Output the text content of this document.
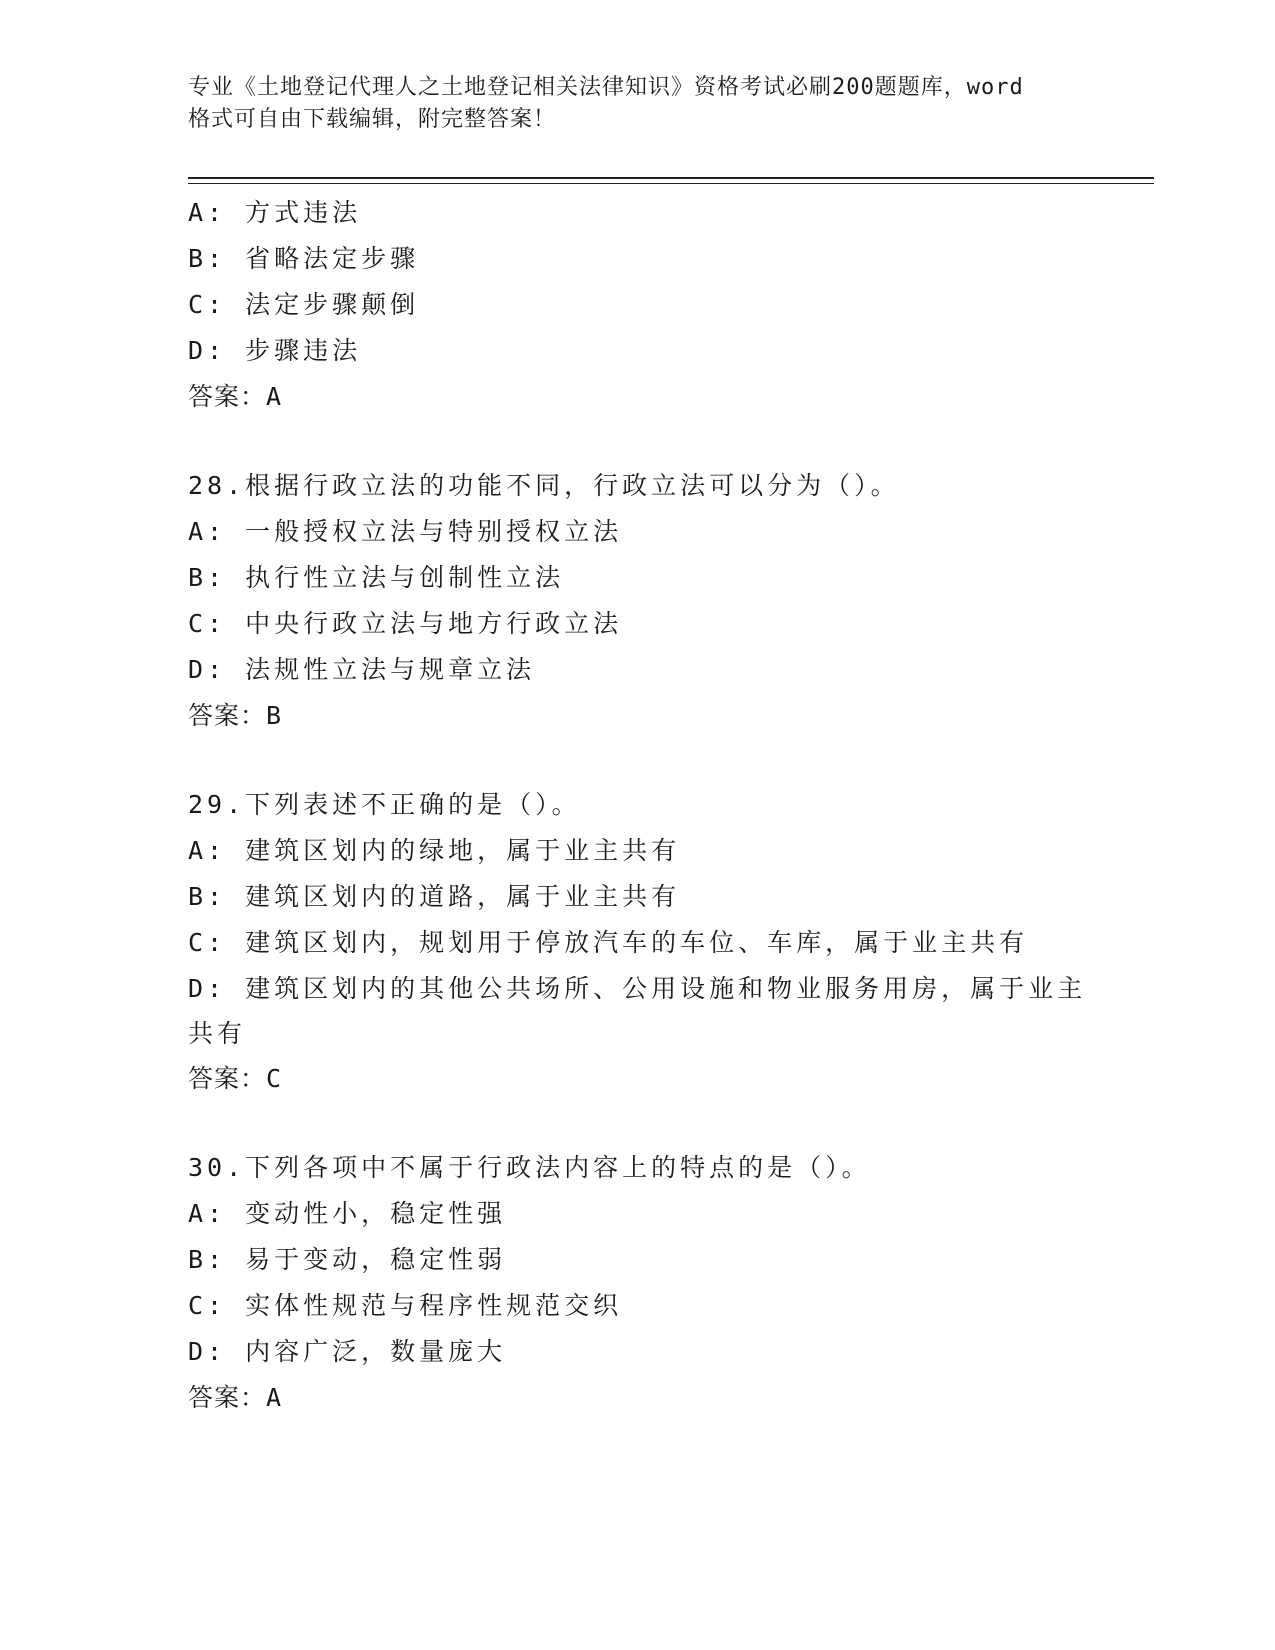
专业《土地登记代理人之土地登记相关法律知识》资格考试必刷200题题库，word
格式可自由下载编辑，附完整答案！
A: 方式违法
B: 省略法定步骤
C: 法定步骤颠倒
D: 步骤违法
答案：A
28.根据行政立法的功能不同，行政立法可以分为（）。
A: 一般授权立法与特别授权立法
B: 执行性立法与创制性立法
C: 中央行政立法与地方行政立法
D: 法规性立法与规章立法
答案：B
29.下列表述不正确的是（）。
A: 建筑区划内的绿地，属于业主共有
B: 建筑区划内的道路，属于业主共有
C: 建筑区划内，规划用于停放汽车的车位、车库，属于业主共有
D: 建筑区划内的其他公共场所、公用设施和物业服务用房，属于业主
共有
答案：C
30.下列各项中不属于行政法内容上的特点的是（）。
A: 变动性小，稳定性强
B: 易于变动，稳定性弱
C: 实体性规范与程序性规范交织
D: 内容广泛，数量庞大
答案：A
